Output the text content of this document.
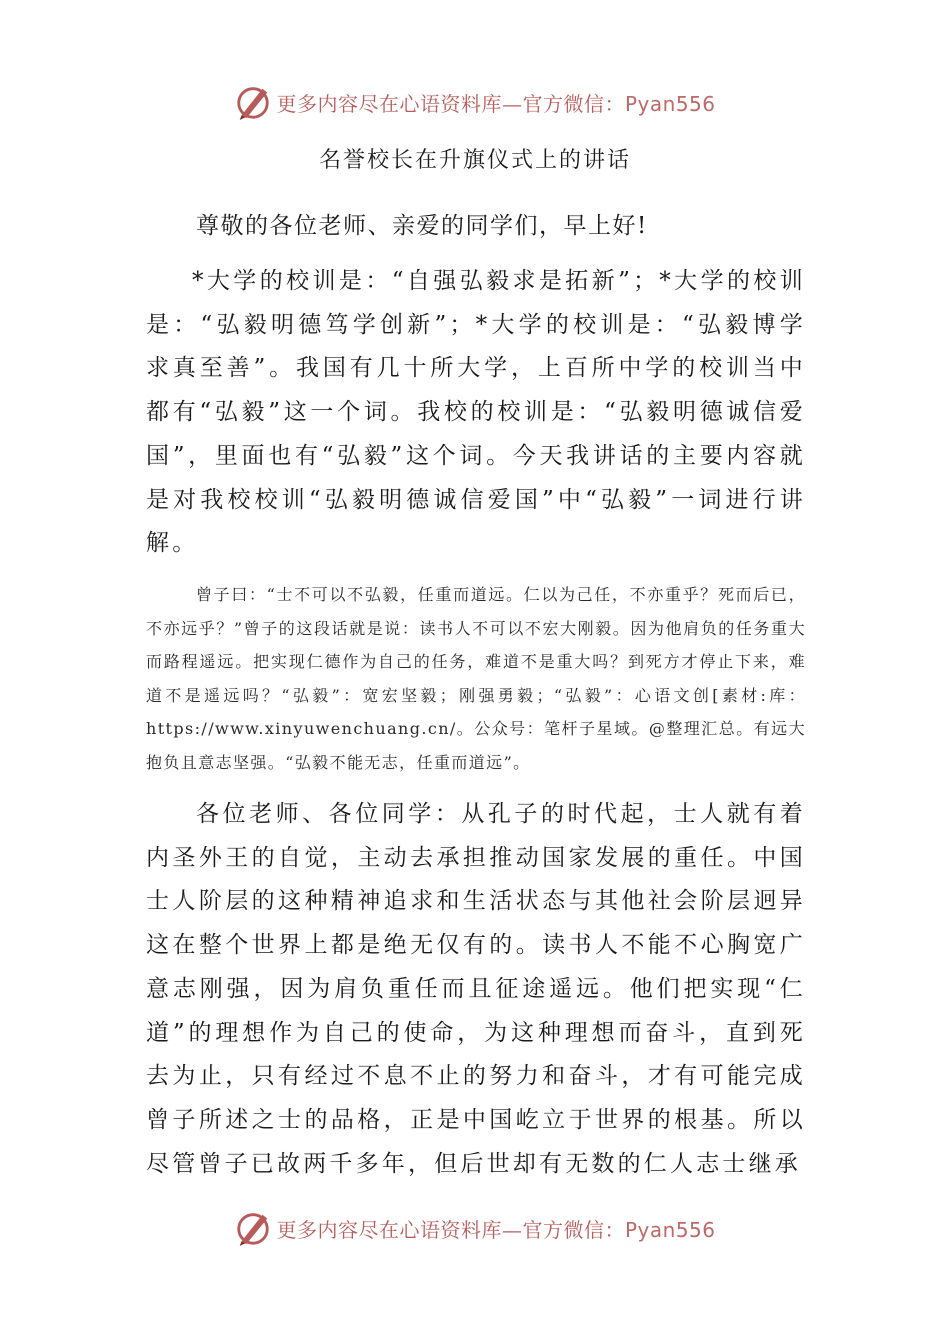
更多内容尽在心语资料库—官方微信：Pyan556
名誉校长在升旗仪式上的讲话
尊敬的各位老师、亲爱的同学们，早上好!
*大学的校训是：“自强弘毅求是拓新”；*大学的校训是：“弘毅明德笃学创新”；*大学的校训是：“弘毅博学求真至善”。我国有几十所大学，上百所中学的校训当中都有“弘毅”这一个词。我校的校训是：“弘毅明德诚信爱国”，里面也有“弘毅”这个词。今天我讲话的主要内容就是对我校校训“弘毅明德诚信爱国”中“弘毅”一词进行讲解。
曾子曰：“士不可以不弘毅，任重而道远。仁以为己任，不亦重乎？死而后已，不亦远乎？”曾子的这段话就是说：读书人不可以不宏大刚毅。因为他肩负的任务重大而路程遥远。把实现仁德作为自己的任务，难道不是重大吗？到死方才停止下来，难道不是遥远吗？“弘毅”：宽宏坚毅；刚强勇毅；“弘毅”：心语文创[素材:库：https://www.xinyuwenchuang.cn/。公众号：笔杆子星域。@整理汇总。有远大抱负且意志坚强。“弘毅不能无志，任重而道远”。
各位老师、各位同学：从孔子的时代起，士人就有着内圣外王的自觉，主动去承担推动国家发展的重任。中国士人阶层的这种精神追求和生活状态与其他社会阶层迥异这在整个世界上都是绝无仅有的。读书人不能不心胸宽广意志刚强，因为肩负重任而且征途遥远。他们把实现“仁道”的理想作为自己的使命，为这种理想而奋斗，直到死去为止，只有经过不息不止的努力和奋斗，才有可能完成曾子所述之士的品格，正是中国屹立于世界的根基。所以尽管曾子已故两千多年，但后世却有无数的仁人志士继承
更多内容尽在心语资料库—官方微信：Pyan556
